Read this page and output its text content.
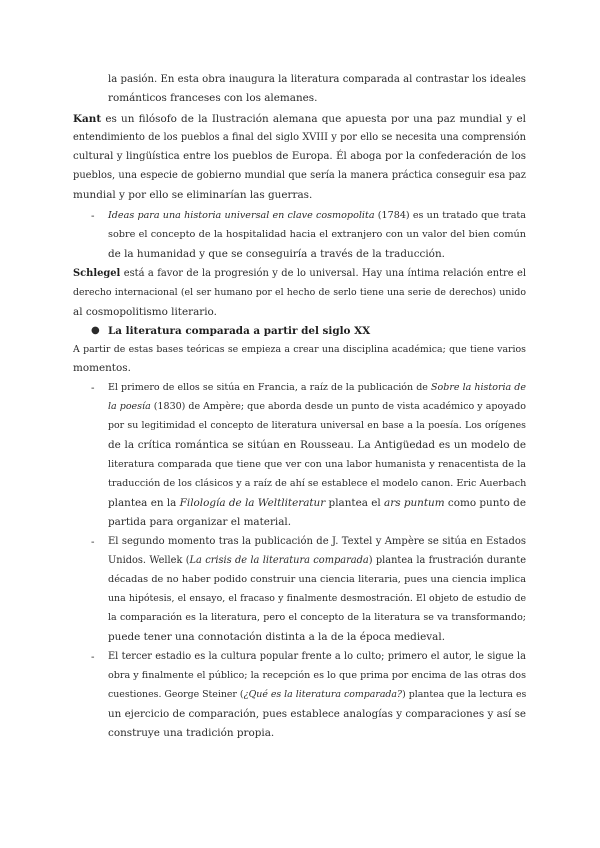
la pasión. En esta obra inaugura la literatura comparada al contrastar los ideales
románticos franceses con los alemanes.
Kant es un filósofo de la Ilustración alemana que apuesta por una paz mundial y el
entendimiento de los pueblos a final del siglo XVIII y por ello se necesita una comprensión
cultural y lingüística entre los pueblos de Europa. Él aboga por la confederación de los
pueblos, una especie de gobierno mundial que sería la manera práctica conseguir esa paz
mundial y por ello se eliminarían las guerras.
- Ideas para una historia universal en clave cosmopolita (1784) es un tratado que trata
sobre el concepto de la hospitalidad hacia el extranjero con un valor del bien común
de la humanidad y que se conseguiría a través de la traducción.
Schlegel está a favor de la progresión y de lo universal. Hay una íntima relación entre el
derecho internacional (el ser humano por el hecho de serlo tiene una serie de derechos) unido
al cosmopolitismo literario.
● La literatura comparada a partir del siglo XX
A partir de estas bases teóricas se empieza a crear una disciplina académica; que tiene varios
momentos.
- El primero de ellos se sitúa en Francia, a raíz de la publicación de Sobre la historia de
la poesía (1830) de Ampère; que aborda desde un punto de vista académico y apoyado
por su legitimidad el concepto de literatura universal en base a la poesía. Los orígenes
de la crítica romántica se sitúan en Rousseau. La Antigüedad es un modelo de
literatura comparada que tiene que ver con una labor humanista y renacentista de la
traducción de los clásicos y a raíz de ahí se establece el modelo canon. Eric Auerbach
plantea en la Filología de la Weltliteratur plantea el ars puntum como punto de
partida para organizar el material.
- El segundo momento tras la publicación de J. Textel y Ampère se sitúa en Estados
Unidos. Wellek (La crisis de la literatura comparada) plantea la frustración durante
décadas de no haber podido construir una ciencia literaria, pues una ciencia implica
una hipótesis, el ensayo, el fracaso y finalmente desmostración. El objeto de estudio de
la comparación es la literatura, pero el concepto de la literatura se va transformando;
puede tener una connotación distinta a la de la época medieval.
- El tercer estadio es la cultura popular frente a lo culto; primero el autor, le sigue la
obra y finalmente el público; la recepción es lo que prima por encima de las otras dos
cuestiones. George Steiner (¿Qué es la literatura comparada?) plantea que la lectura es
un ejercicio de comparación, pues establece analogías y comparaciones y así se
construye una tradición propia.
